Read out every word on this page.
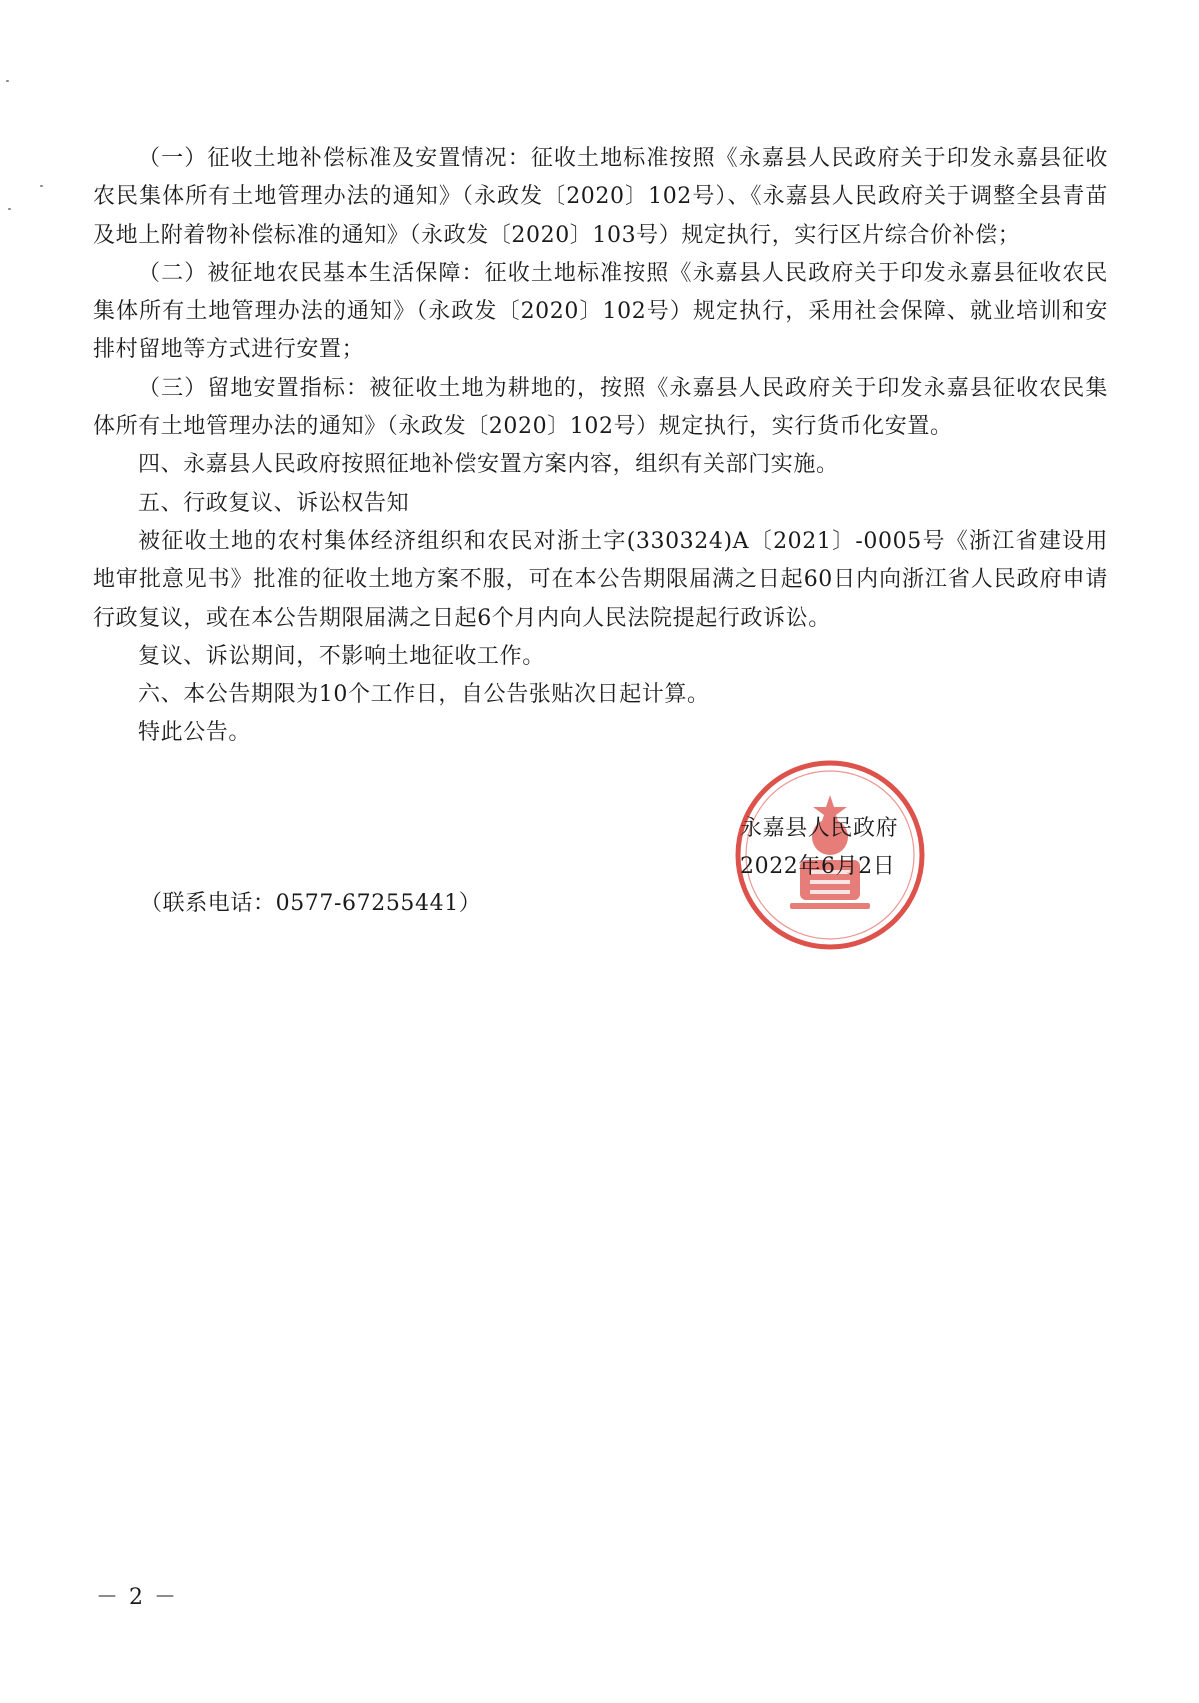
（一）征收土地补偿标准及安置情况：征收土地标准按照《永嘉县人民政府关于印发永嘉县征收农民集体所有土地管理办法的通知》（永政发〔2020〕102号）、《永嘉县人民政府关于调整全县青苗及地上附着物补偿标准的通知》（永政发〔2020〕103号）规定执行，实行区片综合价补偿；

（二）被征地农民基本生活保障：征收土地标准按照《永嘉县人民政府关于印发永嘉县征收农民集体所有土地管理办法的通知》（永政发〔2020〕102号）规定执行，采用社会保障、就业培训和安排村留地等方式进行安置；

（三）留地安置指标：被征收土地为耕地的，按照《永嘉县人民政府关于印发永嘉县征收农民集体所有土地管理办法的通知》（永政发〔2020〕102号）规定执行，实行货币化安置。

四、永嘉县人民政府按照征地补偿安置方案内容，组织有关部门实施。

五、行政复议、诉讼权告知

被征收土地的农村集体经济组织和农民对浙土字(330324)A〔2021〕-0005号《浙江省建设用地审批意见书》批准的征收土地方案不服，可在本公告期限届满之日起60日内向浙江省人民政府申请行政复议，或在本公告期限届满之日起6个月内向人民法院提起行政诉讼。

复议、诉讼期间，不影响土地征收工作。

六、本公告期限为10个工作日，自公告张贴次日起计算。

特此公告。

永嘉县人民政府
2022年6月2日
（联系电话：0577-67255441）
－ 2 －
